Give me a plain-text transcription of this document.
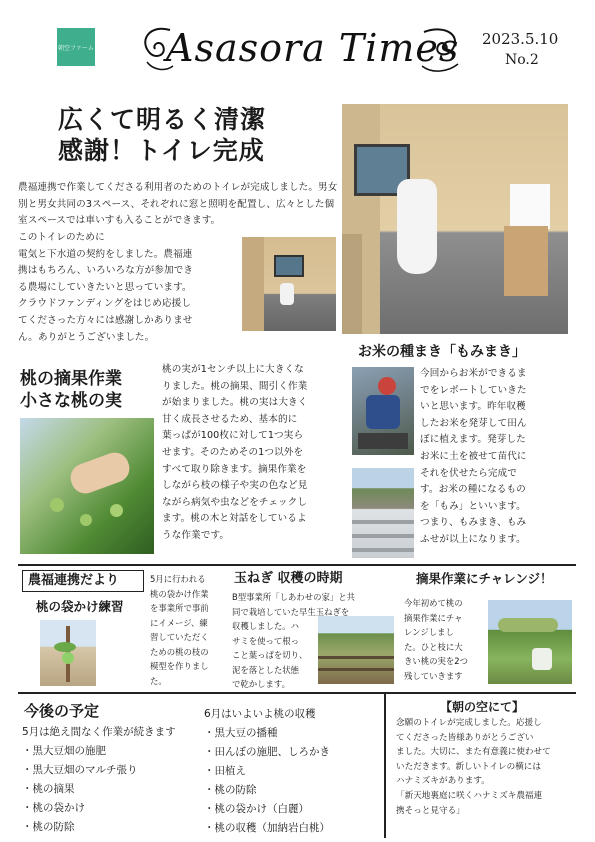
朝空ファーム Asasora Times 2023.5.10
No.2
広くて明るく清潔
感謝！トイレ完成
農福連携で作業してくださる利用者のためのトイレが完成しました。男女別と男女共同の3スペース、それぞれに窓と照明を配置し、広々とした個室スペースでは車いすも入ることができます。
このトイレのために
電気と下水道の契約をしました。農福連
携はもちろん、いろいろな方が参加でき
る農場にしていきたいと思っています。
クラウドファンディングをはじめ応援し
てくださった方々には感謝しかありませ
ん。ありがとうございました。
お米の種まき「もみまき」
今回からお米ができるま
でをレポートしていきた
いと思います。昨年収穫
したお米を発芽して田ん
ぼに植えます。発芽した
お米に土を被せて苗代に
それを伏せたら完成で
す。お米の種になるもの
を「もみ」といいます。
つまり、もみまき、もみ
ふせが以上になります。
桃の摘果作業
小さな桃の実
桃の実が1センチ以上に大きくな
りました。桃の摘果、間引く作業
が始まりました。桃の実は大きく
甘く成長させるため、基本的に
葉っぱが100枚に対して1つ実ら
せます。そのためその1つ以外を
すべて取り除きます。摘果作業を
しながら枝の様子や実の色など見
ながら病気や虫などをチェックし
ます。桃の木と対話をしているよ
うな作業です。
農福連携だより
桃の袋かけ練習
5月に行われる
桃の袋かけ作業
を事業所で事前
にイメージ、練
習していただく
ための桃の枝の
模型を作りまし
た。
玉ねぎ 収穫の時期
B型事業所「しあわせの家」と共
同で栽培していた早生玉ねぎを
収穫しました。ハ
サミを使って根っ
こと葉っぱを切り、
泥を落とした状態
で乾かします。
摘果作業にチャレンジ！
今年初めて桃の
摘果作業にチャ
レンジしまし
た。ひと枝に大
きい桃の実を2つ
残していきます
今後の予定
5月は絶え間なく作業が続きます
・黒大豆畑の施肥
・黒大豆畑のマルチ張り
・桃の摘果
・桃の袋かけ
・桃の防除
6月はいよいよ桃の収穫
・黒大豆の播種
・田んぼの施肥、しろかき
・田植え
・桃の防除
・桃の袋かけ（白麗）
・桃の収穫（加納岩白桃）
【朝の空にて】
念願のトイレが完成しました。応援し
てくださった皆様ありがとうござい
ました。大切に、また有意義に使わせて
いただきます。新しいトイレの横には
ハナミズキがあります。
「新天地裏庭に咲くハナミズキ農福連
携そっと見守る」
